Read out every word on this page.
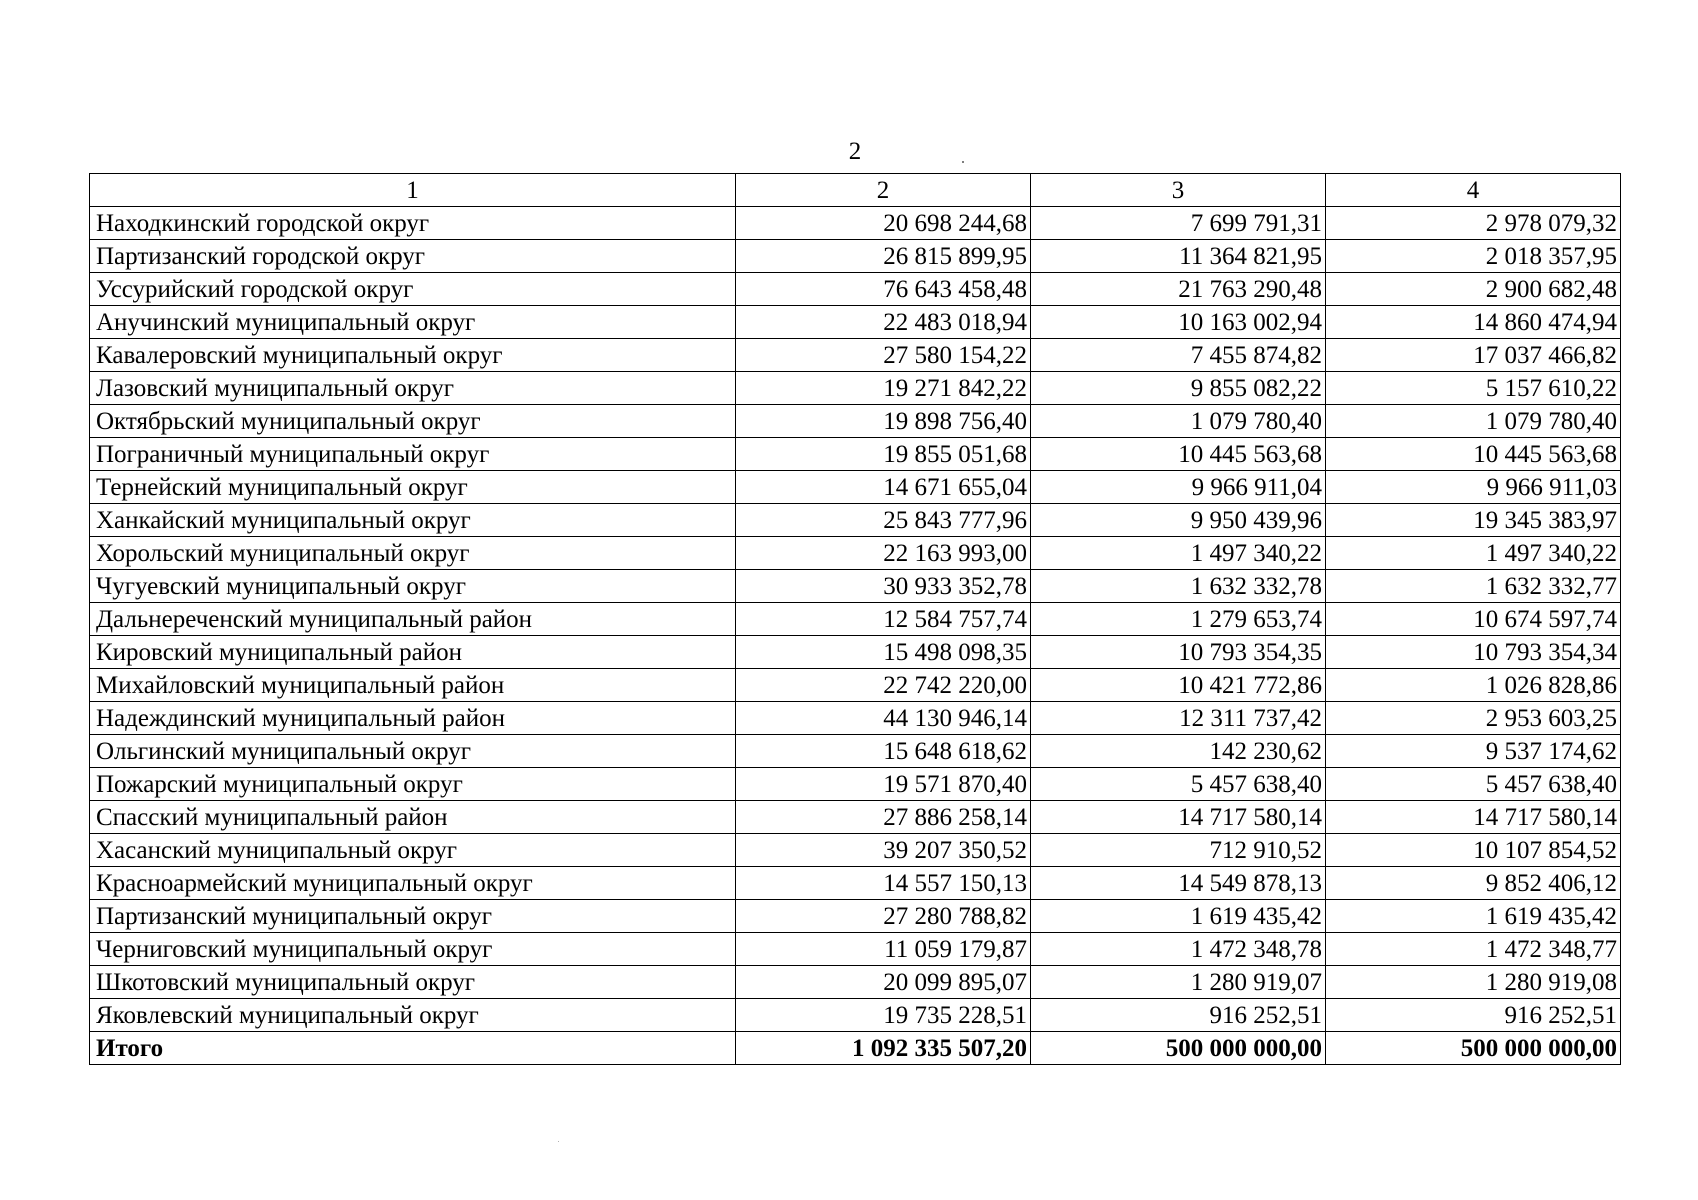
2
1	2	3	4
Находкинский городской округ	20 698 244,68	7 699 791,31	2 978 079,32
Партизанский городской округ	26 815 899,95	11 364 821,95	2 018 357,95
Уссурийский городской округ	76 643 458,48	21 763 290,48	2 900 682,48
Анучинский муниципальный округ	22 483 018,94	10 163 002,94	14 860 474,94
Кавалеровский муниципальный округ	27 580 154,22	7 455 874,82	17 037 466,82
Лазовский муниципальный округ	19 271 842,22	9 855 082,22	5 157 610,22
Октябрьский муниципальный округ	19 898 756,40	1 079 780,40	1 079 780,40
Пограничный муниципальный округ	19 855 051,68	10 445 563,68	10 445 563,68
Тернейский муниципальный округ	14 671 655,04	9 966 911,04	9 966 911,03
Ханкайский муниципальный округ	25 843 777,96	9 950 439,96	19 345 383,97
Хорольский муниципальный округ	22 163 993,00	1 497 340,22	1 497 340,22
Чугуевский муниципальный округ	30 933 352,78	1 632 332,78	1 632 332,77
Дальнереченский муниципальный район	12 584 757,74	1 279 653,74	10 674 597,74
Кировский муниципальный район	15 498 098,35	10 793 354,35	10 793 354,34
Михайловский муниципальный район	22 742 220,00	10 421 772,86	1 026 828,86
Надеждинский муниципальный район	44 130 946,14	12 311 737,42	2 953 603,25
Ольгинский муниципальный округ	15 648 618,62	142 230,62	9 537 174,62
Пожарский муниципальный округ	19 571 870,40	5 457 638,40	5 457 638,40
Спасский муниципальный район	27 886 258,14	14 717 580,14	14 717 580,14
Хасанский муниципальный округ	39 207 350,52	712 910,52	10 107 854,52
Красноармейский муниципальный округ	14 557 150,13	14 549 878,13	9 852 406,12
Партизанский муниципальный округ	27 280 788,82	1 619 435,42	1 619 435,42
Черниговский муниципальный округ	11 059 179,87	1 472 348,78	1 472 348,77
Шкотовский муниципальный округ	20 099 895,07	1 280 919,07	1 280 919,08
Яковлевский муниципальный округ	19 735 228,51	916 252,51	916 252,51
Итого	1 092 335 507,20	500 000 000,00	500 000 000,00
